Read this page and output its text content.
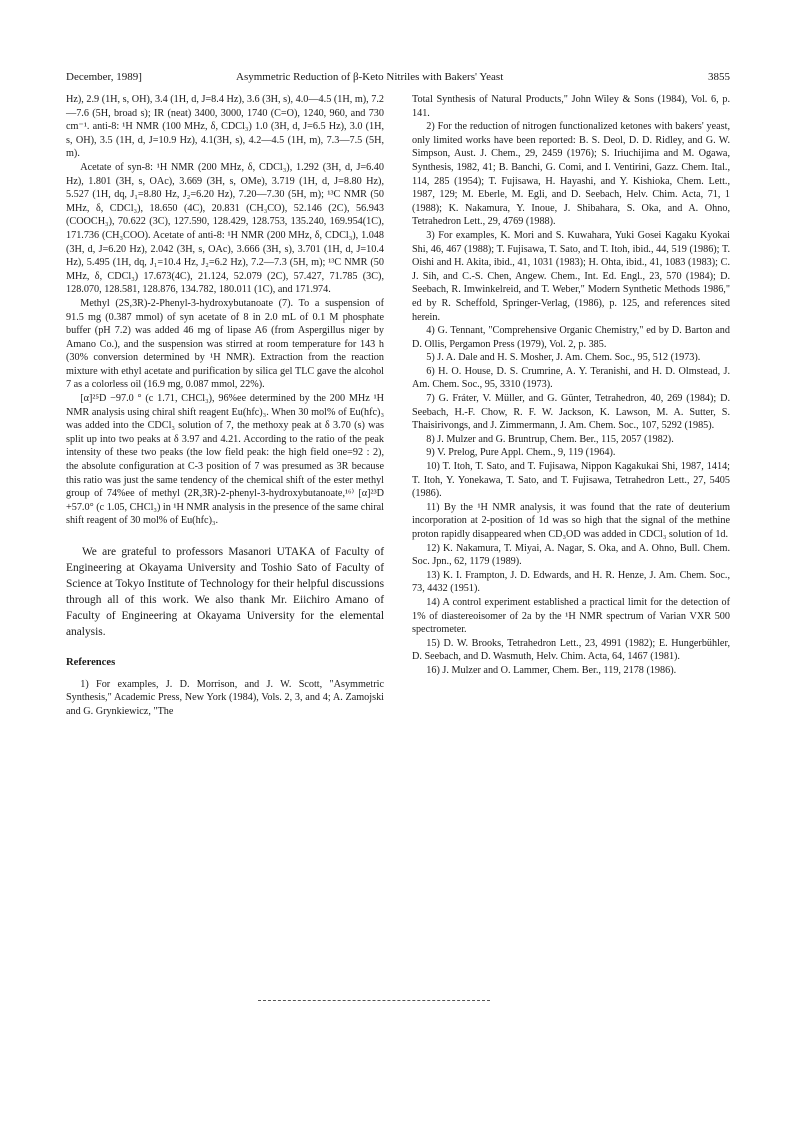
December, 1989]	Asymmetric Reduction of β-Keto Nitriles with Bakers' Yeast	3855

Hz), 2.9 (1H, s, OH), 3.4 (1H, d, J=8.4 Hz), 3.6 (3H, s), 4.0—4.5 (1H, m), 7.2—7.6 (5H, broad s); IR (neat) 3400, 3000, 1740 (C=O), 1240, 960, and 730 cm⁻¹. anti-8: ¹H NMR (100 MHz, δ, CDCl₃) 1.0 (3H, d, J=6.5 Hz), 3.0 (1H, s, OH), 3.5 (1H, d, J=10.9 Hz), 4.1(3H, s), 4.2—4.5 (1H, m), 7.3—7.5 (5H, m).

Acetate of syn-8: ¹H NMR (200 MHz, δ, CDCl₃), 1.292 (3H, d, J=6.40 Hz), 1.801 (3H, s, OAc), 3.669 (3H, s, OMe), 3.719 (1H, d, J=8.80 Hz), 5.527 (1H, dq, J₁=8.80 Hz, J₂=6.20 Hz), 7.20—7.30 (5H, m); ¹³C NMR (50 MHz, δ, CDCl₃), 18.650 (4C), 20.831 (CH₃CO), 52.146 (2C), 56.943 (COOCH₃), 70.622 (3C), 127.590, 128.429, 128.753, 135.240, 169.954(1C), 171.736 (CH₃COO). Acetate of anti-8: ¹H NMR (200 MHz, δ, CDCl₃), 1.048 (3H, d, J=6.20 Hz), 2.042 (3H, s, OAc), 3.666 (3H, s), 3.701 (1H, d, J=10.4 Hz), 5.495 (1H, dq, J₁=10.4 Hz, J₂=6.2 Hz), 7.2—7.3 (5H, m); ¹³C NMR (50 MHz, δ, CDCl₃) 17.673(4C), 21.124, 52.079 (2C), 57.427, 71.785 (3C), 128.070, 128.581, 128.876, 134.782, 180.011 (1C), and 171.974.

Methyl (2S,3R)-2-Phenyl-3-hydroxybutanoate (7). To a suspension of 91.5 mg (0.387 mmol) of syn acetate of 8 in 2.0 mL of 0.1 M phosphate buffer (pH 7.2) was added 46 mg of lipase A6 (from Aspergillus niger by Amano Co.), and the suspension was stirred at room temperature for 143 h (30% conversion determined by ¹H NMR). Extraction from the reaction mixture with ethyl acetate and purification by silica gel TLC gave the alcohol 7 as a colorless oil (16.9 mg, 0.087 mmol, 22%).

[α]²⁵D −97.0 ° (c 1.71, CHCl₃), 96%ee determined by the 200 MHz ¹H NMR analysis using chiral shift reagent Eu(hfc)₃. When 30 mol% of Eu(hfc)₃ was added into the CDCl₃ solution of 7, the methoxy peak at δ 3.70 (s) was split up into two peaks at δ 3.97 and 4.21. According to the ratio of the peak intensity of these two peaks (the low field peak: the high field one=92 : 2), the absolute configuration at C-3 position of 7 was presumed as 3R because this ratio was just the same tendency of the chemical shift of the ester methyl group of 74%ee of methyl (2R,3R)-2-phenyl-3-hydroxybutanoate,¹⁶⁾ [α]²³D +57.0° (c 1.05, CHCl₃) in ¹H NMR analysis in the presence of the same chiral shift reagent of 30 mol% of Eu(hfc)₃.

We are grateful to professors Masanori UTAKA of Faculty of Engineering at Okayama University and Toshio Sato of Faculty of Science at Tokyo Institute of Technology for their helpful discussions through all of this work. We also thank Mr. Eiichiro Amano of Faculty of Engineering at Okayama University for the elemental analysis.

References

1) For examples, J. D. Morrison, and J. W. Scott, "Asymmetric Synthesis," Academic Press, New York (1984), Vols. 2, 3, and 4; A. Zamojski and G. Grynkiewicz, "The

Total Synthesis of Natural Products," John Wiley & Sons (1984), Vol. 6, p. 141.

2) For the reduction of nitrogen functionalized ketones with bakers' yeast, only limited works have been reported: B. S. Deol, D. D. Ridley, and G. W. Simpson, Aust. J. Chem., 29, 2459 (1976); S. Iriuchijima and M. Ogawa, Synthesis, 1982, 41; B. Banchi, G. Comi, and I. Ventirini, Gazz. Chem. Ital., 114, 285 (1954); T. Fujisawa, H. Hayashi, and Y. Kishioka, Chem. Lett., 1987, 129; M. Eberle, M. Egli, and D. Seebach, Helv. Chim. Acta, 71, 1 (1988); K. Nakamura, Y. Inoue, J. Shibahara, S. Oka, and A. Ohno, Tetrahedron Lett., 29, 4769 (1988).

3) For examples, K. Mori and S. Kuwahara, Yuki Gosei Kagaku Kyokai Shi, 46, 467 (1988); T. Fujisawa, T. Sato, and T. Itoh, ibid., 44, 519 (1986); T. Oishi and H. Akita, ibid., 41, 1031 (1983); H. Ohta, ibid., 41, 1083 (1983); C. J. Sih, and C.-S. Chen, Angew. Chem., Int. Ed. Engl., 23, 570 (1984); D. Seebach, R. Imwinkelreid, and T. Weber," Modern Synthetic Methods 1986," ed by R. Scheffold, Springer-Verlag, (1986), p. 125, and references sited herein.

4) G. Tennant, "Comprehensive Organic Chemistry," ed by D. Barton and D. Ollis, Pergamon Press (1979), Vol. 2, p. 385.

5) J. A. Dale and H. S. Mosher, J. Am. Chem. Soc., 95, 512 (1973).

6) H. O. House, D. S. Crumrine, A. Y. Teranishi, and H. D. Olmstead, J. Am. Chem. Soc., 95, 3310 (1973).

7) G. Fráter, V. Müller, and G. Günter, Tetrahedron, 40, 269 (1984); D. Seebach, H.-F. Chow, R. F. W. Jackson, K. Lawson, M. A. Sutter, S. Thaisirivongs, and J. Zimmermann, J. Am. Chem. Soc., 107, 5292 (1985).

8) J. Mulzer and G. Bruntrup, Chem. Ber., 115, 2057 (1982).

9) V. Prelog, Pure Appl. Chem., 9, 119 (1964).

10) T. Itoh, T. Sato, and T. Fujisawa, Nippon Kagakukai Shi, 1987, 1414; T. Itoh, Y. Yonekawa, T. Sato, and T. Fujisawa, Tetrahedron Lett., 27, 5405 (1986).

11) By the ¹H NMR analysis, it was found that the rate of deuterium incorporation at 2-position of 1d was so high that the signal of the methine proton rapidly disappeared when CD₃OD was added in CDCl₃ solution of 1d.

12) K. Nakamura, T. Miyai, A. Nagar, S. Oka, and A. Ohno, Bull. Chem. Soc. Jpn., 62, 1179 (1989).

13) K. I. Frampton, J. D. Edwards, and H. R. Henze, J. Am. Chem. Soc., 73, 4432 (1951).

14) A control experiment established a practical limit for the detection of 1% of diastereoisomer of 2a by the ¹H NMR spectrum of Varian VXR 500 spectrometer.

15) D. W. Brooks, Tetrahedron Lett., 23, 4991 (1982); E. Hungerbühler, D. Seebach, and D. Wasmuth, Helv. Chim. Acta, 64, 1467 (1981).

16) J. Mulzer and O. Lammer, Chem. Ber., 119, 2178 (1986).
